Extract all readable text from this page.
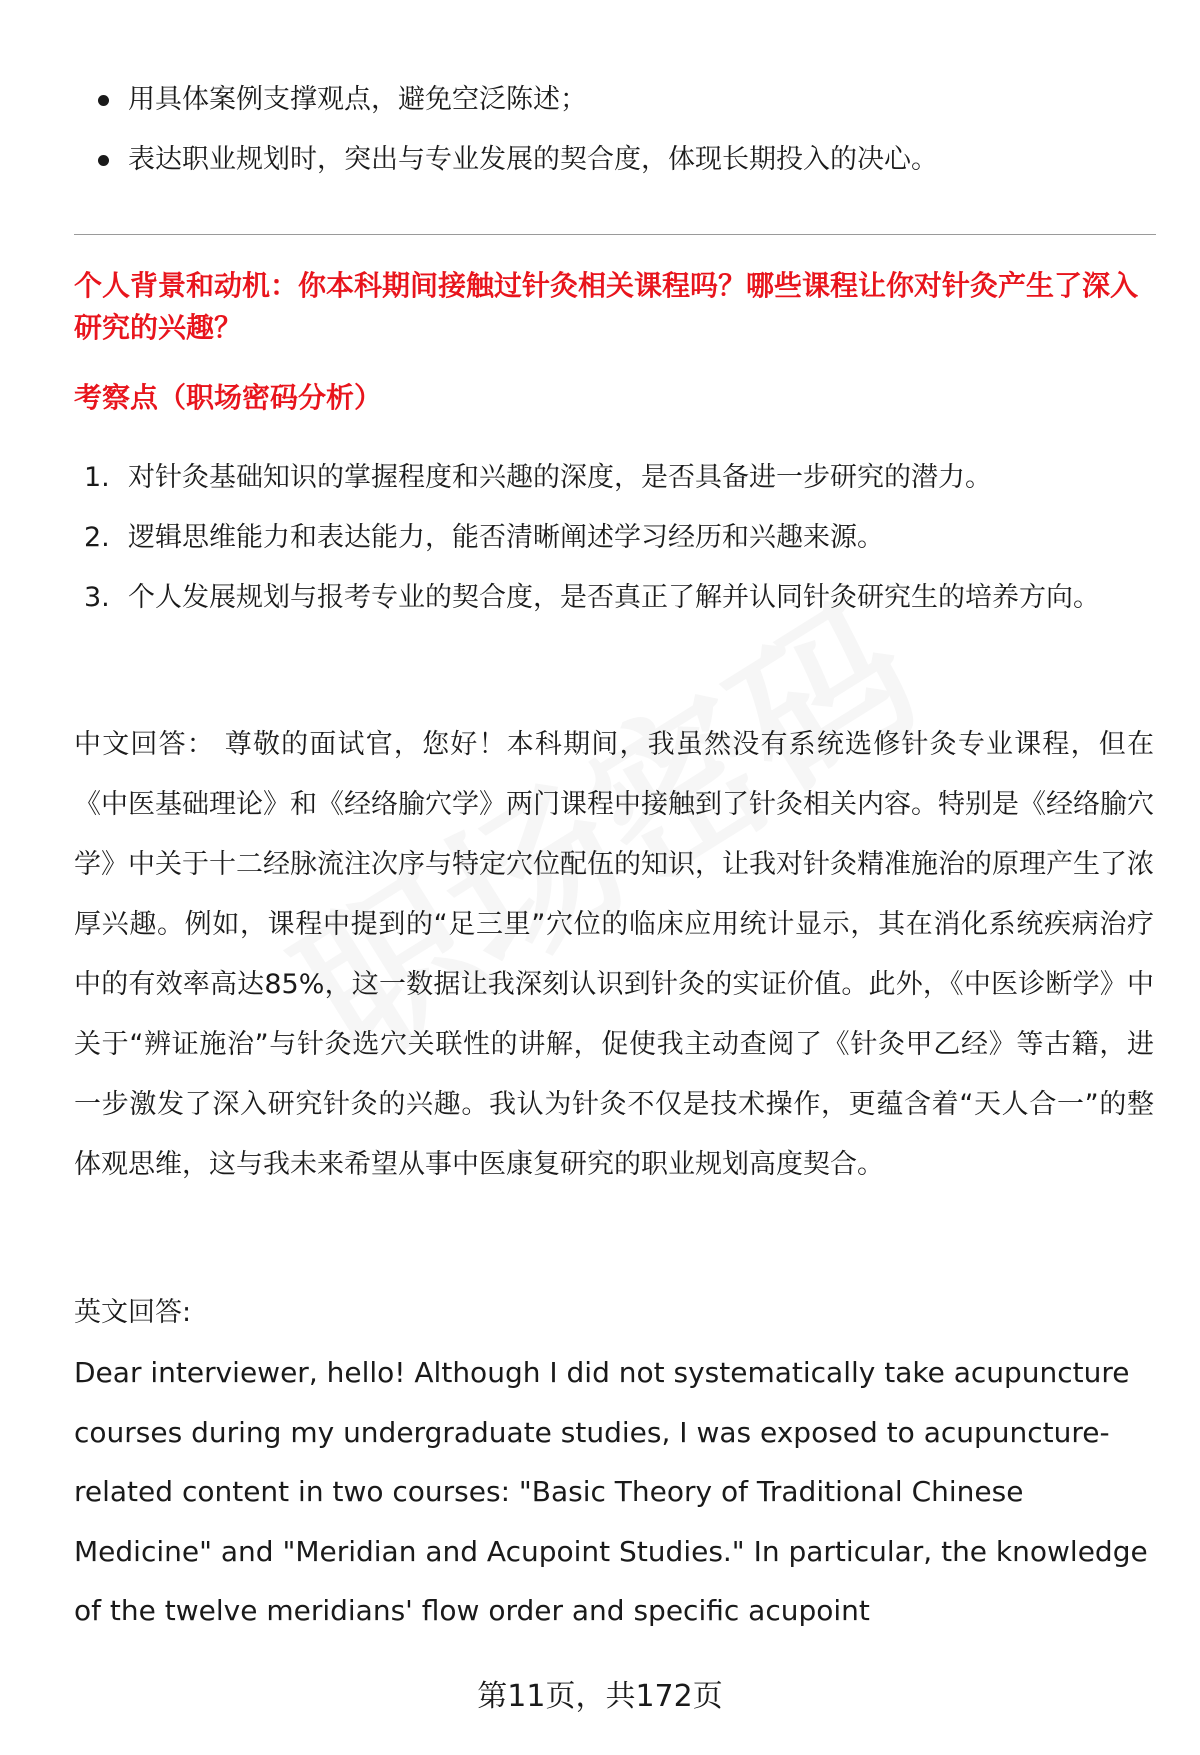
用具体案例支撑观点，避免空泛陈述；
表达职业规划时，突出与专业发展的契合度，体现长期投入的决心。

个人背景和动机：你本科期间接触过针灸相关课程吗？哪些课程让你对针灸产生了深入研究的兴趣？

考察点（职场密码分析）

1. 对针灸基础知识的掌握程度和兴趣的深度，是否具备进一步研究的潜力。
2. 逻辑思维能力和表达能力，能否清晰阐述学习经历和兴趣来源。
3. 个人发展规划与报考专业的契合度，是否真正了解并认同针灸研究生的培养方向。

中文回答： 尊敬的面试官，您好！本科期间，我虽然没有系统选修针灸专业课程，但在《中医基础理论》和《经络腧穴学》两门课程中接触到了针灸相关内容。特别是《经络腧穴学》中关于十二经脉流注次序与特定穴位配伍的知识，让我对针灸精准施治的原理产生了浓厚兴趣。例如，课程中提到的“足三里”穴位的临床应用统计显示，其在消化系统疾病治疗中的有效率高达85%，这一数据让我深刻认识到针灸的实证价值。此外，《中医诊断学》中关于“辨证施治”与针灸选穴关联性的讲解，促使我主动查阅了《针灸甲乙经》等古籍，进一步激发了深入研究针灸的兴趣。我认为针灸不仅是技术操作，更蕴含着“天人合一”的整体观思维，这与我未来希望从事中医康复研究的职业规划高度契合。

英文回答:

Dear interviewer, hello! Although I did not systematically take acupuncture courses during my undergraduate studies, I was exposed to acupuncture-related content in two courses: "Basic Theory of Traditional Chinese Medicine" and "Meridian and Acupoint Studies." In particular, the knowledge of the twelve meridians' flow order and specific acupoint

第11页，共172页
